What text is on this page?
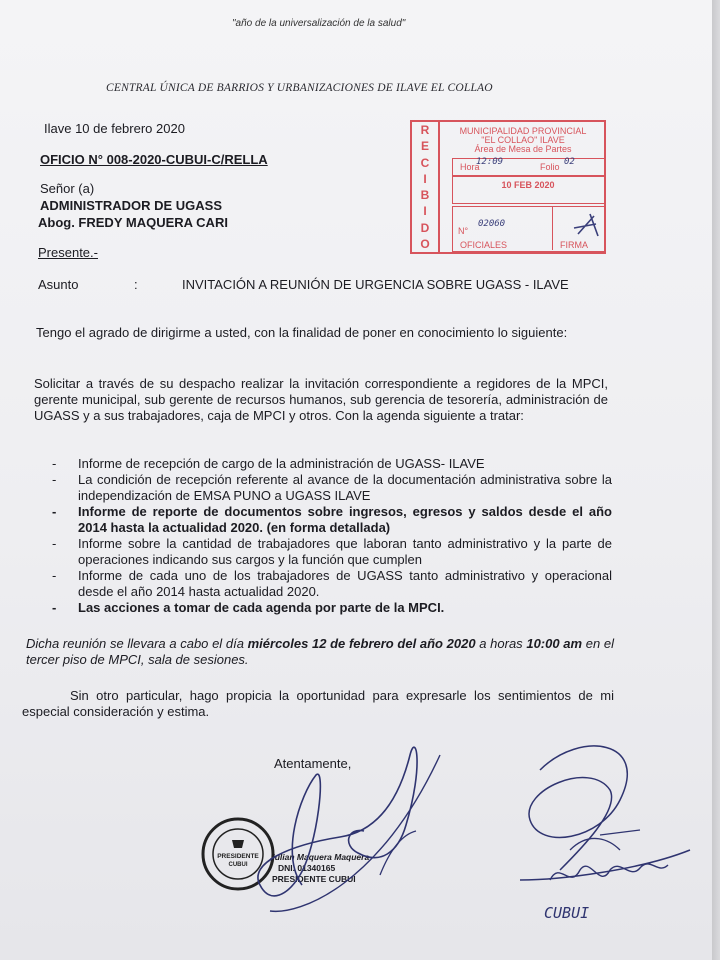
"año de la universalización de la salud"
CENTRAL ÚNICA DE BARRIOS Y URBANIZACIONES DE ILAVE EL COLLAO
Ilave 10 de febrero 2020
OFICIO N° 008-2020-CUBUI-C/RELLA
Señor (a)
ADMINISTRADOR DE UGASS
Abog. FREDY MAQUERA CARI
Presente.-
Asunto	:	INVITACIÓN A REUNIÓN DE URGENCIA SOBRE UGASS - ILAVE
Tengo el agrado de dirigirme a usted, con la finalidad de poner en conocimiento lo siguiente:
Solicitar a través de su despacho realizar la invitación correspondiente a regidores de la MPCI, gerente municipal, sub gerente de recursos humanos, sub gerencia de tesorería, administración de UGASS y a sus trabajadores, caja de MPCI y otros. Con la agenda siguiente a tratar:
- Informe de recepción de cargo de la administración de UGASS- ILAVE
- La condición de recepción referente al avance de la documentación administrativa sobre la independización de EMSA PUNO a UGASS ILAVE
- Informe de reporte de documentos sobre ingresos, egresos y saldos desde el año 2014 hasta la actualidad 2020. (en forma detallada)
- Informe sobre la cantidad de trabajadores que laboran tanto administrativo y la parte de operaciones indicando sus cargos y la función que cumplen
- Informe de cada uno de los trabajadores de UGASS tanto administrativo y operacional desde el año 2014 hasta actualidad 2020.
- Las acciones a tomar de cada agenda por parte de la MPCI.
Dicha reunión se llevara a cabo el día miércoles 12 de febrero del año 2020 a horas 10:00 am en el tercer piso de MPCI, sala de sesiones.
Sin otro particular, hago propicia la oportunidad para expresarle los sentimientos de mi especial consideración y estima.
Atentamente,
R
E
C
I
B
I
D
O
MUNICIPALIDAD PROVINCIAL
"EL COLLAO" ILAVE
Área de Mesa de Partes
Hora
12:09	Folio 02
10 FEB 2020
N°
02060
OFICIALES	FIRMA
PRESIDENTE
CUBUI
Julian Maquera Maquera
DNI. 01340165
PRESIDENTE CUBUI
CUBUI
